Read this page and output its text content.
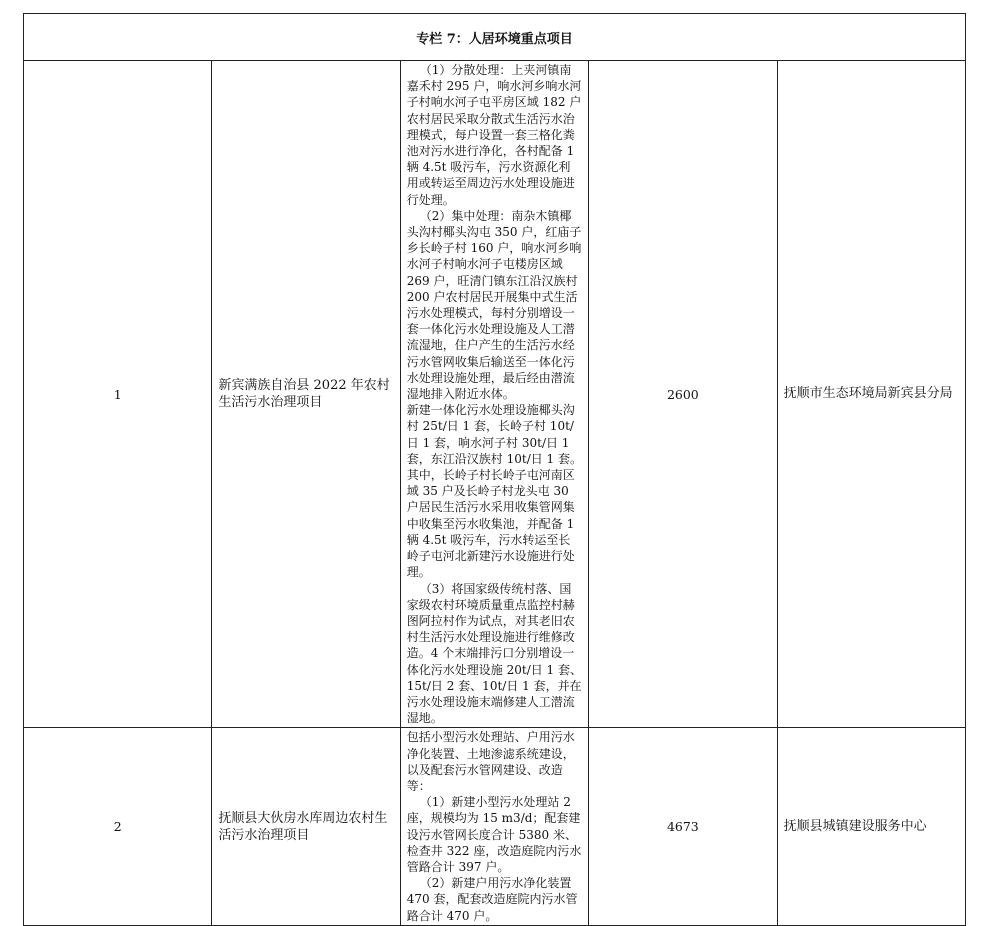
专栏 7：人居环境重点项目				
1	新宾满族自治县 2022 年农村生活污水治理项目	（1）分散处理：上夹河镇南嘉禾村 295 户，响水河乡响水河子村响水河子屯平房区域 182 户农村居民采取分散式生活污水治理模式，每户设置一套三格化粪池对污水进行净化，各村配备 1 辆 4.5t 吸污车，污水资源化利用或转运至周边污水处理设施进行处理。

（2）集中处理：南杂木镇椰头沟村椰头沟屯 350 户，红庙子乡长岭子村 160 户，响水河乡响水河子村响水河子屯楼房区域 269 户，旺清门镇东江沿汉族村 200 户农村居民开展集中式生活污水处理模式，每村分别增设一套一体化污水处理设施及人工潜流湿地，住户产生的生活污水经污水管网收集后输送至一体化污水处理设施处理，最后经由潜流湿地排入附近水体。

新建一体化污水处理设施椰头沟村 25t/日 1 套，长岭子村 10t/日 1 套，响水河子村 30t/日 1 套，东江沿汉族村 10t/日 1 套。其中，长岭子村长岭子屯河南区域 35 户及长岭子村龙头屯 30 户居民生活污水采用收集管网集中收集至污水收集池，并配备 1 辆 4.5t 吸污车，污水转运至长岭子屯河北新建污水设施进行处理。

（3）将国家级传统村落、国家级农村环境质量重点监控村赫图阿拉村作为试点，对其老旧农村生活污水处理设施进行维修改造。4 个末端排污口分别增设一体化污水处理设施 20t/日 1 套、15t/日 2 套、10t/日 1 套，并在污水处理设施末端修建人工潜流湿地。	2600	抚顺市生态环境局新宾县分局
2	抚顺县大伙房水库周边农村生活污水治理项目	包括小型污水处理站、户用污水净化装置、土地渗滤系统建设，以及配套污水管网建设、改造等：

（1）新建小型污水处理站 2 座，规模均为 15 m3/d；配套建设污水管网长度合计 5380 米、检查井 322 座，改造庭院内污水管路合计 397 户。

（2）新建户用污水净化装置 470 套，配套改造庭院内污水管路合计 470 户。	4673	抚顺县城镇建设服务中心
